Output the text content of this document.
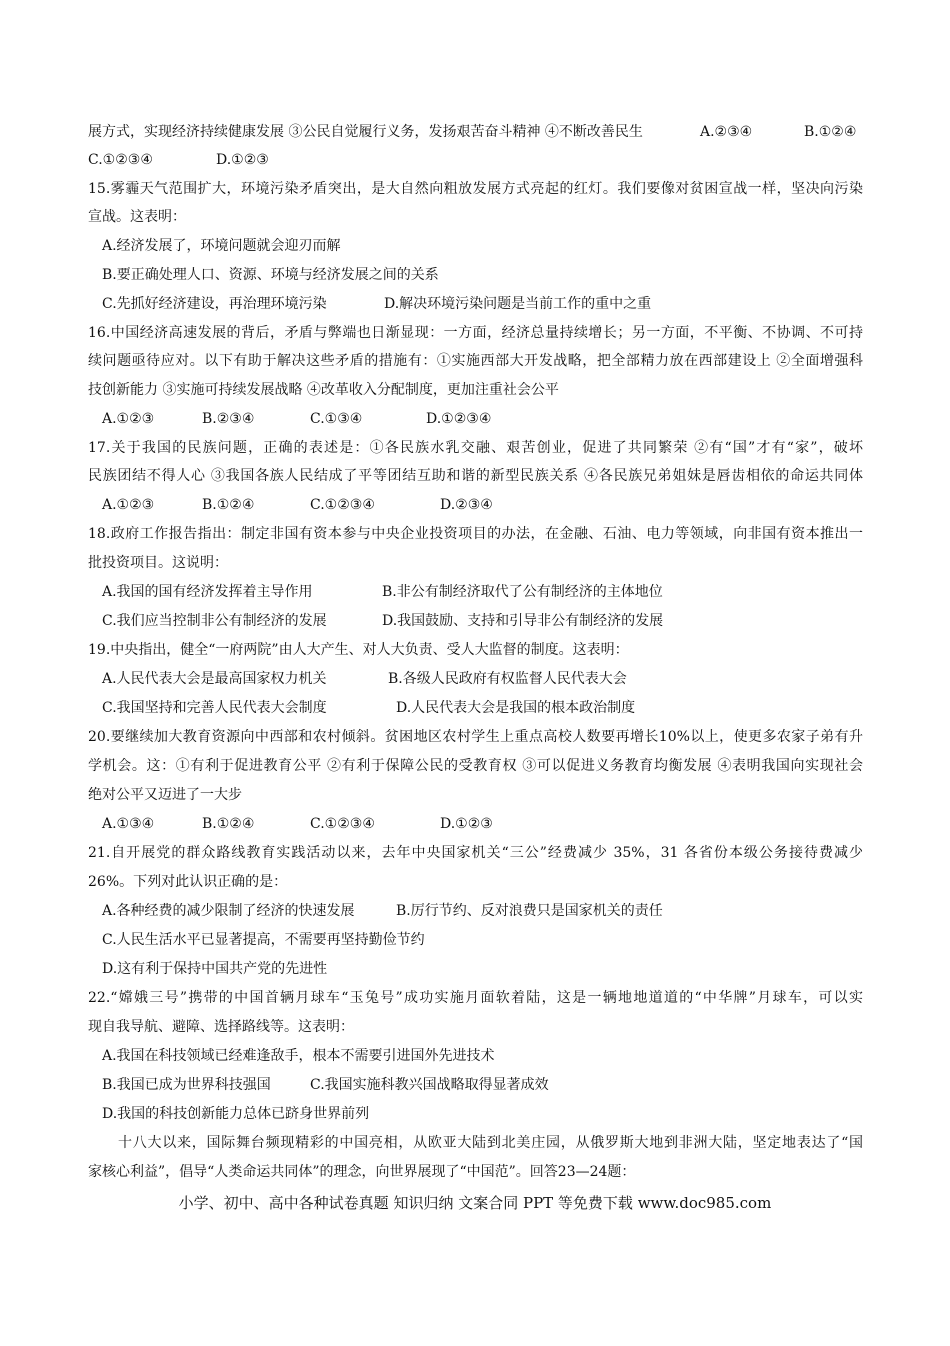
展方式，实现经济持续健康发展 ③公民自觉履行义务，发扬艰苦奋斗精神 ④不断改善民生	A.②③④	B.①②④
C.①②③④	D.①②③
15.雾霾天气范围扩大，环境污染矛盾突出，是大自然向粗放发展方式亮起的红灯。我们要像对贫困宣战一样，坚决向污染
宣战。这表明：
A.经济发展了，环境问题就会迎刃而解
B.要正确处理人口、资源、环境与经济发展之间的关系
C.先抓好经济建设，再治理环境污染	D.解决环境污染问题是当前工作的重中之重
16.中国经济高速发展的背后，矛盾与弊端也日渐显现：一方面，经济总量持续增长；另一方面，不平衡、不协调、不可持
续问题亟待应对。以下有助于解决这些矛盾的措施有：①实施西部大开发战略，把全部精力放在西部建设上 ②全面增强科
技创新能力 ③实施可持续发展战略 ④改革收入分配制度，更加注重社会公平
A.①②③	B.②③④	C.①③④	D.①②③④
17.关于我国的民族问题，正确的表述是：①各民族水乳交融、艰苦创业，促进了共同繁荣 ②有“国”才有“家”，破坏
民族团结不得人心 ③我国各族人民结成了平等团结互助和谐的新型民族关系 ④各民族兄弟姐妹是唇齿相依的命运共同体
A.①②③	B.①②④	C.①②③④	D.②③④
18.政府工作报告指出：制定非国有资本参与中央企业投资项目的办法，在金融、石油、电力等领域，向非国有资本推出一
批投资项目。这说明：
A.我国的国有经济发挥着主导作用	B.非公有制经济取代了公有制经济的主体地位
C.我们应当控制非公有制经济的发展	D.我国鼓励、支持和引导非公有制经济的发展
19.中央指出，健全“一府两院”由人大产生、对人大负责、受人大监督的制度。这表明：
A.人民代表大会是最高国家权力机关	B.各级人民政府有权监督人民代表大会
C.我国坚持和完善人民代表大会制度	D.人民代表大会是我国的根本政治制度
20.要继续加大教育资源向中西部和农村倾斜。贫困地区农村学生上重点高校人数要再增长10%以上，使更多农家子弟有升
学机会。这：①有利于促进教育公平 ②有利于保障公民的受教育权 ③可以促进义务教育均衡发展 ④表明我国向实现社会
绝对公平又迈进了一大步
A.①③④	B.①②④	C.①②③④	D.①②③
21.自开展党的群众路线教育实践活动以来，去年中央国家机关“三公”经费减少 35%，31 各省份本级公务接待费减少
26%。下列对此认识正确的是：
A.各种经费的减少限制了经济的快速发展	B.厉行节约、反对浪费只是国家机关的责任
C.人民生活水平已显著提高，不需要再坚持勤俭节约
D.这有利于保持中国共产党的先进性
22.“嫦娥三号”携带的中国首辆月球车“玉兔号”成功实施月面软着陆，这是一辆地地道道的“中华牌”月球车，可以实
现自我导航、避障、选择路线等。这表明：
A.我国在科技领域已经难逢敌手，根本不需要引进国外先进技术
B.我国已成为世界科技强国	C.我国实施科教兴国战略取得显著成效
D.我国的科技创新能力总体已跻身世界前列
十八大以来，国际舞台频现精彩的中国亮相，从欧亚大陆到北美庄园，从俄罗斯大地到非洲大陆，坚定地表达了“国
家核心利益”，倡导“人类命运共同体”的理念，向世界展现了“中国范”。回答23—24题：
小学、初中、高中各种试卷真题 知识归纳 文案合同 PPT 等免费下载 www.doc985.com
